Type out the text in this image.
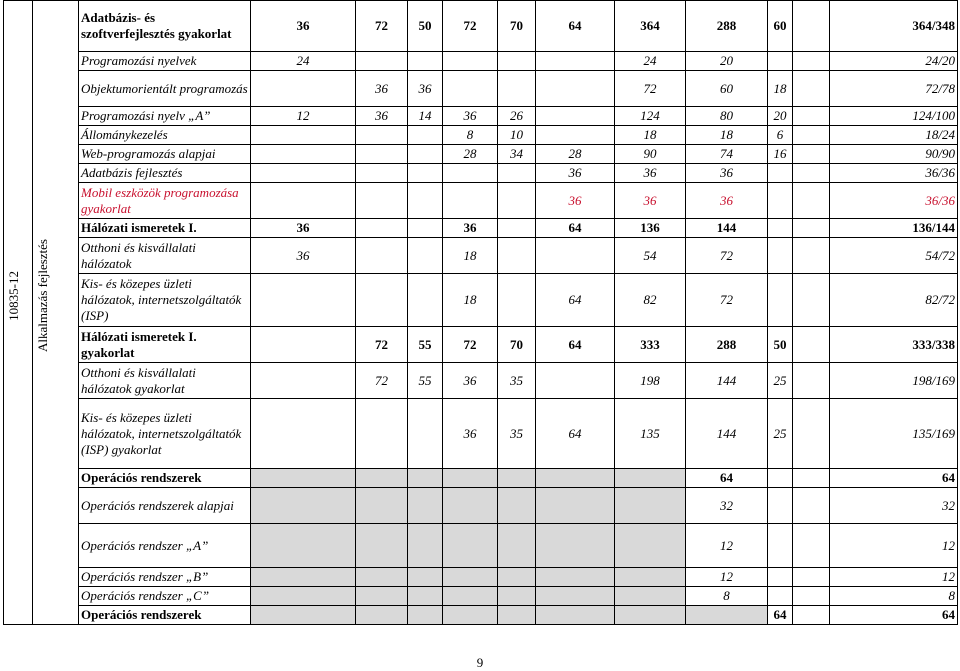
10835-12	Alkalmazás fejlesztés	Adatbázis- és szoftverfejlesztés gyakorlat	36	72	50	72	70	64	364	288	60		364/348
		Programozási nyelvek	24						24	20			24/20
		Objektumorientált programozás		36	36				72	60	18		72/78
		Programozási nyelv „A”	12	36	14	36	26		124	80	20		124/100
		Állománykezelés				8	10		18	18	6		18/24
		Web-programozás alapjai				28	34	28	90	74	16		90/90
		Adatbázis fejlesztés						36	36	36			36/36
		Mobil eszközök programozása gyakorlat						36	36	36			36/36
		Hálózati ismeretek I.	36			36		64	136	144			136/144
		Otthoni és kisvállalati hálózatok	36			18			54	72			54/72
		Kis- és közepes üzleti hálózatok, internetszolgáltatók (ISP)				18		64	82	72			82/72
		Hálózati ismeretek I. gyakorlat		72	55	72	70	64	333	288	50		333/338
		Otthoni és kisvállalati hálózatok gyakorlat		72	55	36	35		198	144	25		198/169
		Kis- és közepes üzleti hálózatok, internetszolgáltatók (ISP) gyakorlat				36	35	64	135	144	25		135/169
		Operációs rendszerek								64			64
		Operációs rendszerek alapjai								32			32
		Operációs rendszer „A”								12			12
		Operációs rendszer „B”								12			12
		Operációs rendszer „C”								8			8
		Operációs rendszerek									64		64
9
